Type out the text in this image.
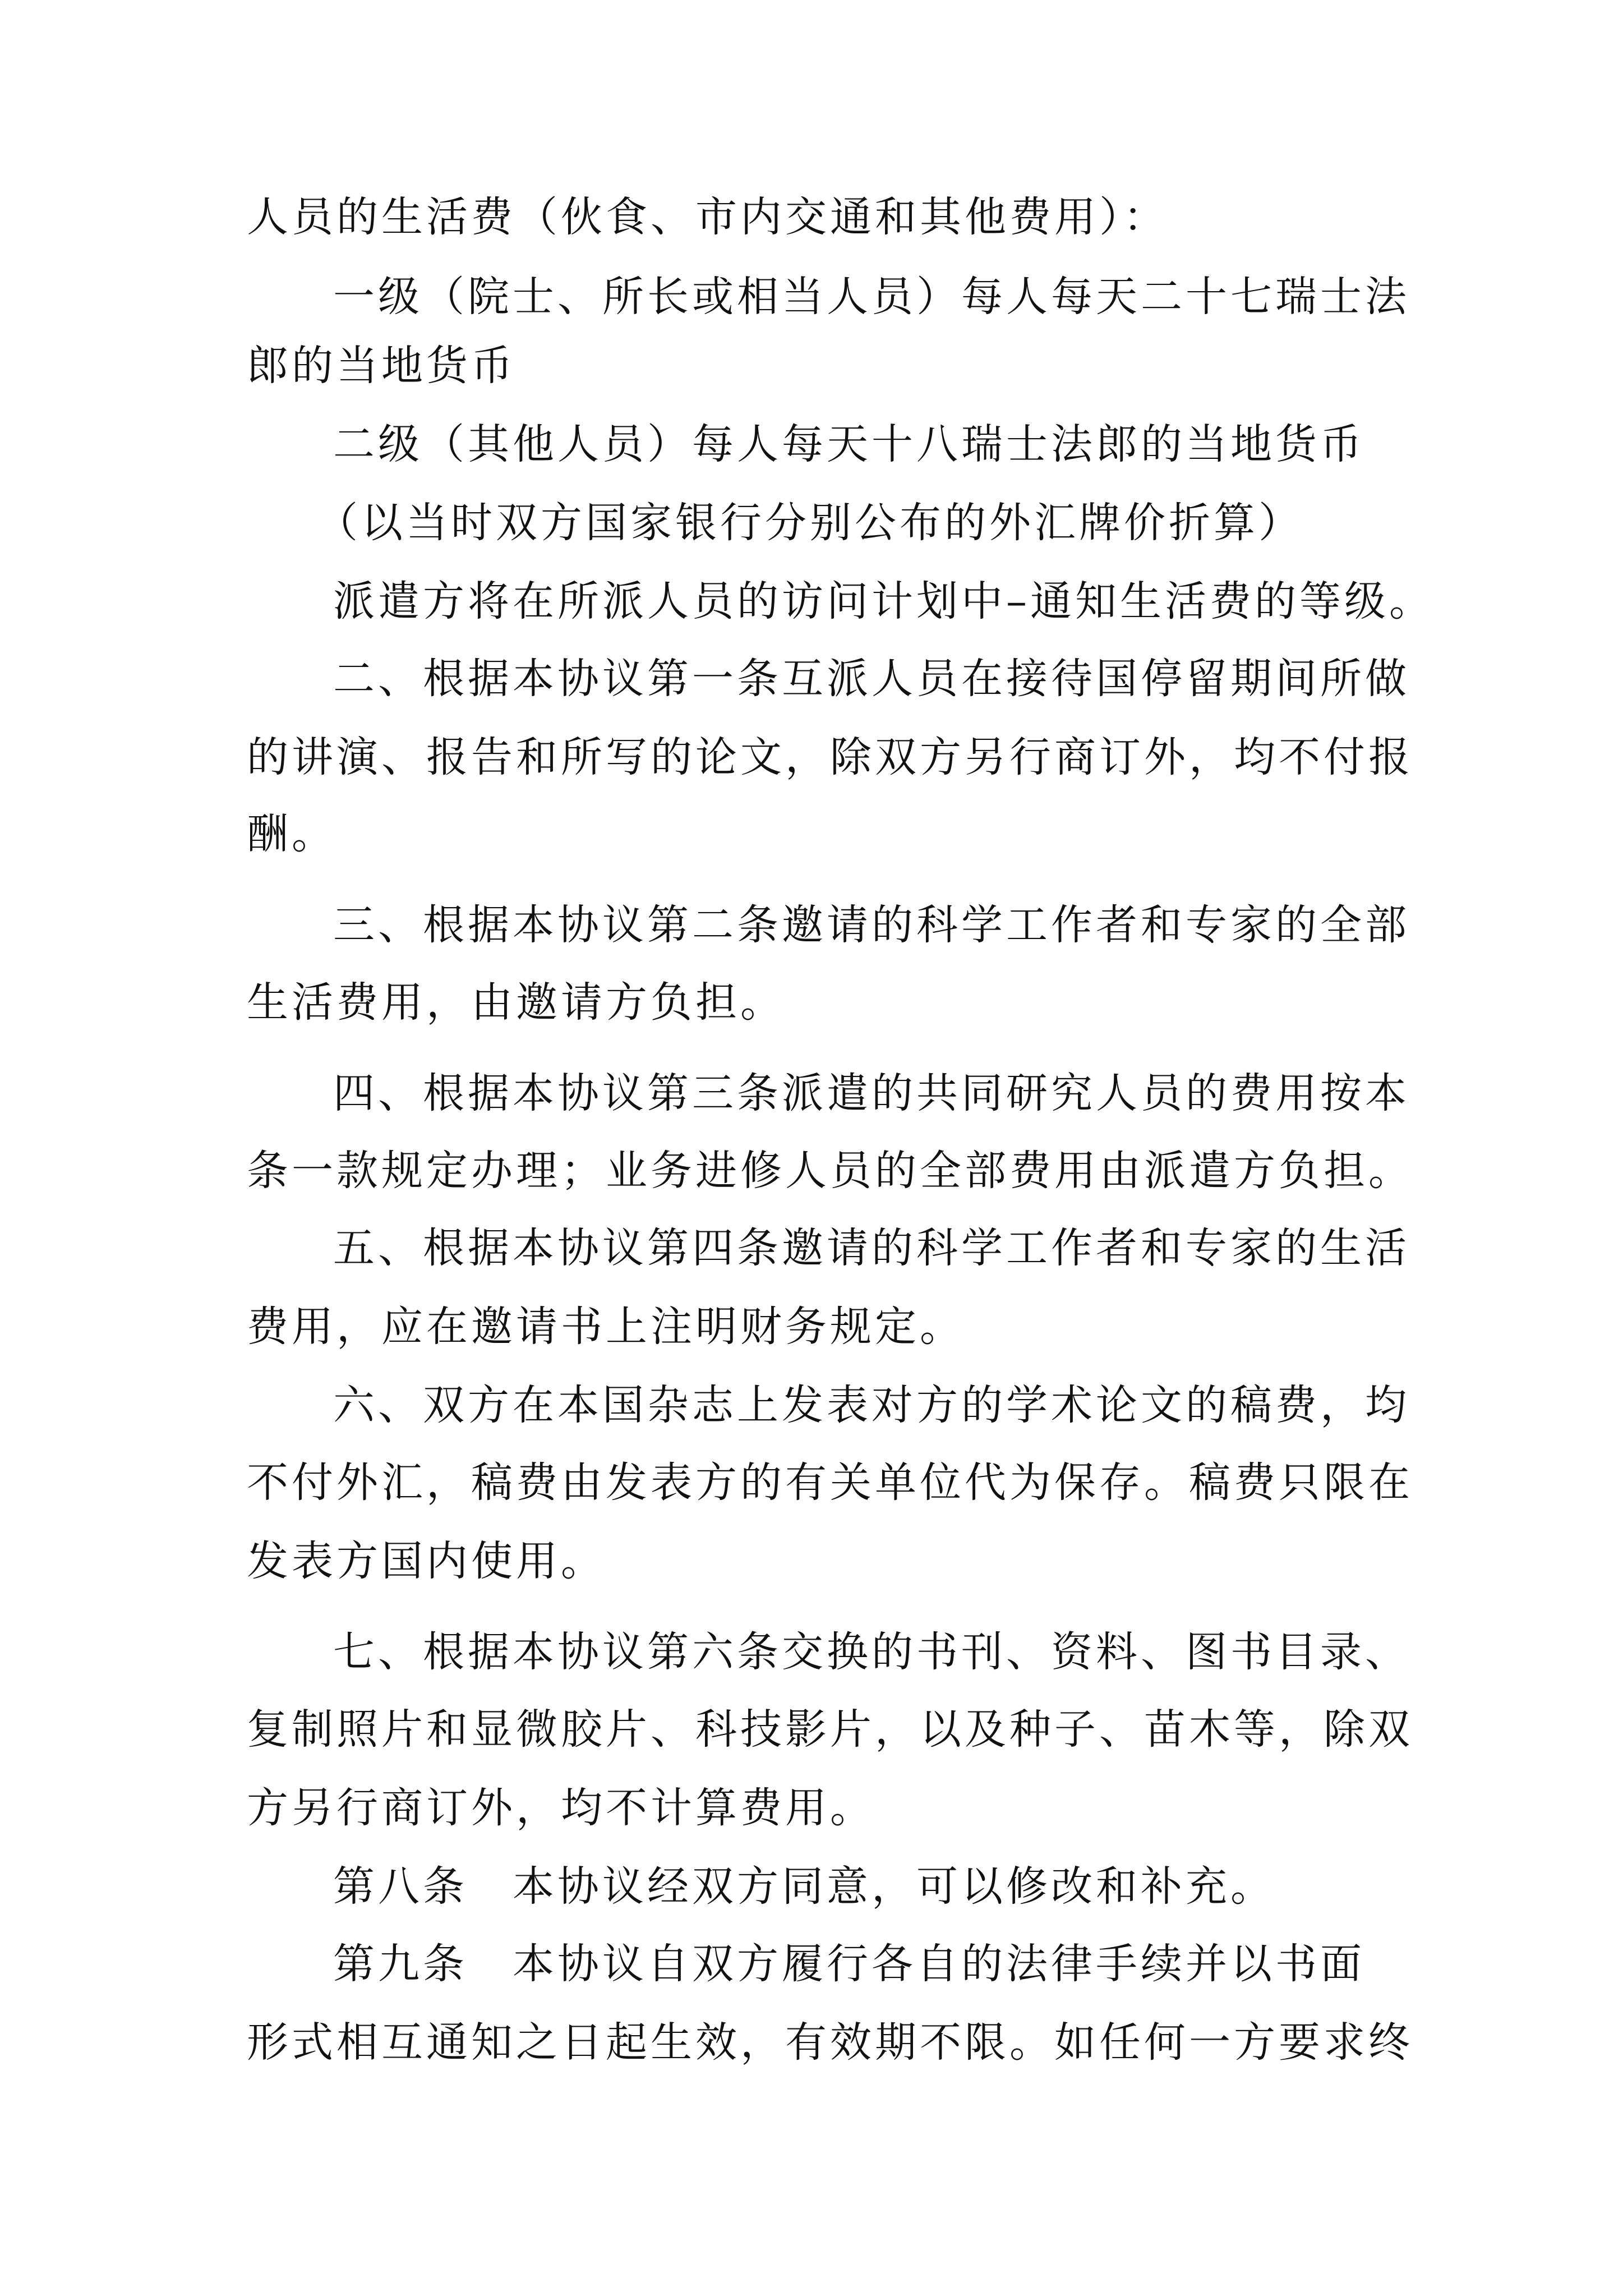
人员的生活费（伙食、市内交通和其他费用）：
一级（院士、所长或相当人员）每人每天二十七瑞士法
郎的当地货币
二级（其他人员）每人每天十八瑞士法郎的当地货币
（以当时双方国家银行分别公布的外汇牌价折算）
派遣方将在所派人员的访问计划中–通知生活费的等级。
二、根据本协议第一条互派人员在接待国停留期间所做
的讲演、报告和所写的论文，除双方另行商订外，均不付报
酬。
三、根据本协议第二条邀请的科学工作者和专家的全部
生活费用，由邀请方负担。
四、根据本协议第三条派遣的共同研究人员的费用按本
条一款规定办理；业务进修人员的全部费用由派遣方负担。
五、根据本协议第四条邀请的科学工作者和专家的生活
费用，应在邀请书上注明财务规定。
六、双方在本国杂志上发表对方的学术论文的稿费，均
不付外汇，稿费由发表方的有关单位代为保存。稿费只限在
发表方国内使用。
七、根据本协议第六条交换的书刊、资料、图书目录、
复制照片和显微胶片、科技影片，以及种子、苗木等，除双
方另行商订外，均不计算费用。
第八条　本协议经双方同意，可以修改和补充。
第九条　本协议自双方履行各自的法律手续并以书面
形式相互通知之日起生效，有效期不限。如任何一方要求终
